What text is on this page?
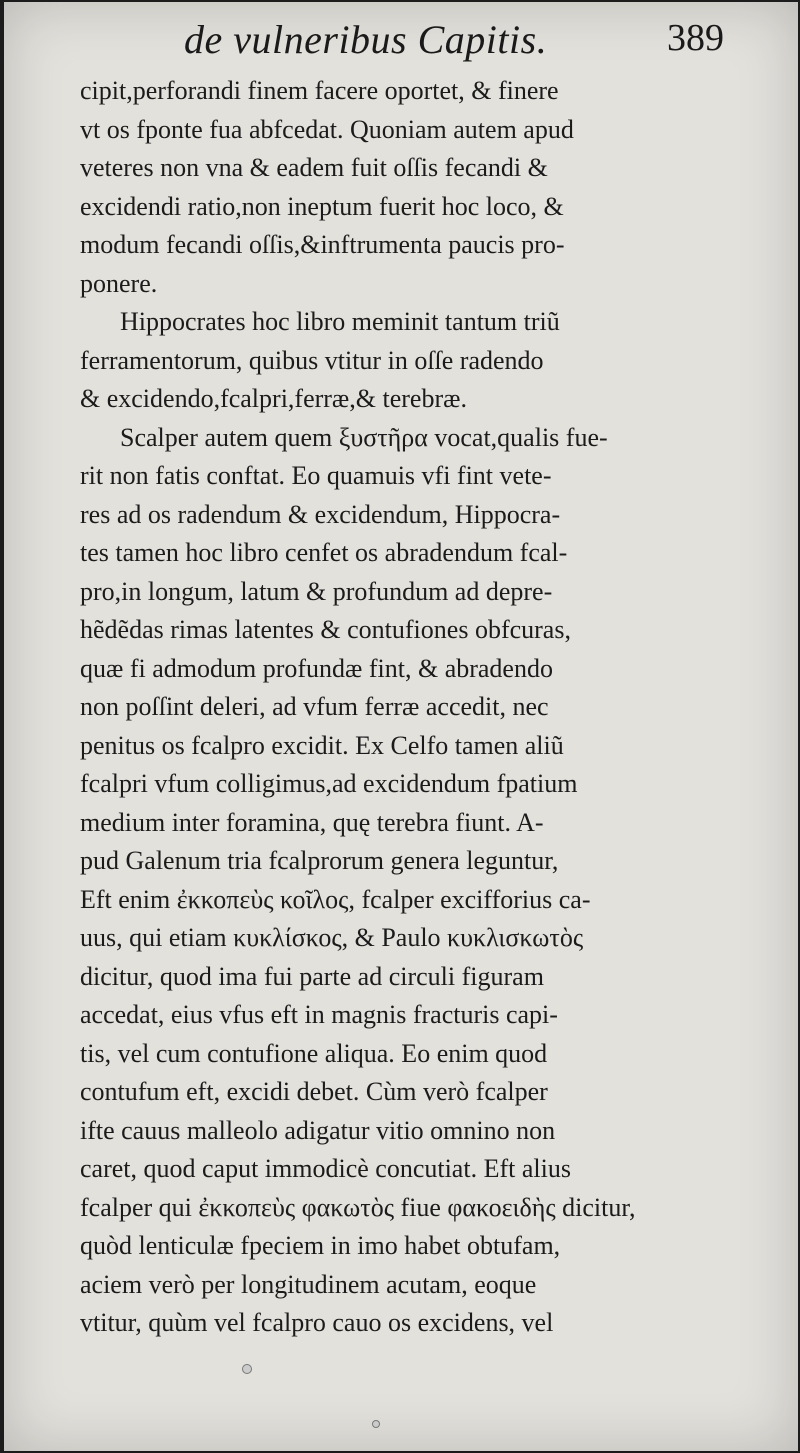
de vulneribus Capitis.	389
cipit,perforandi finem facere oportet, & finere
vt os fponte fua abfcedat. Quoniam autem apud
veteres non vna & eadem fuit oſſis fecandi &
excidendi ratio,non ineptum fuerit hoc loco, &
modum fecandi oſſis,&inftrumenta paucis pro-
ponere.
Hippocrates hoc libro meminit tantum triũ
ferramentorum, quibus vtitur in oſſe radendo
& excidendo,fcalpri,ferræ,& terebræ.
Scalper autem quem ξυστῆρα vocat,qualis fue-
rit non fatis conftat. Eo quamuis vfi fint vete-
res ad os radendum & excidendum, Hippocra-
tes tamen hoc libro cenfet os abradendum fcal-
pro,in longum, latum & profundum ad depre-
hẽdẽdas rimas latentes & contufiones obfcuras,
quæ fi admodum profundæ fint, & abradendo
non poſſint deleri, ad vfum ferræ accedit, nec
penitus os fcalpro excidit. Ex Celfo tamen aliũ
fcalpri vfum colligimus,ad excidendum fpatium
medium inter foramina, quę terebra fiunt. A-
pud Galenum tria fcalprorum genera leguntur,
Eft enim ἐκκοπεὺς κοῖλος, fcalper excifforius ca-
uus, qui etiam κυκλίσκος, & Paulo κυκλισκωτὸς
dicitur, quod ima fui parte ad circuli figuram
accedat, eius vfus eft in magnis fracturis capi-
tis, vel cum contufione aliqua. Eo enim quod
contufum eft, excidi debet. Cùm verò fcalper
ifte cauus malleolo adigatur vitio omnino non
caret, quod caput immodicè concutiat. Eft alius
fcalper qui ἐκκοπεὺς φακωτὸς fiue φακοειδὴς dicitur,
quòd lenticulæ fpeciem in imo habet obtufam,
aciem verò per longitudinem acutam, eoque
vtitur, quùm vel fcalpro cauo os excidens, vel
